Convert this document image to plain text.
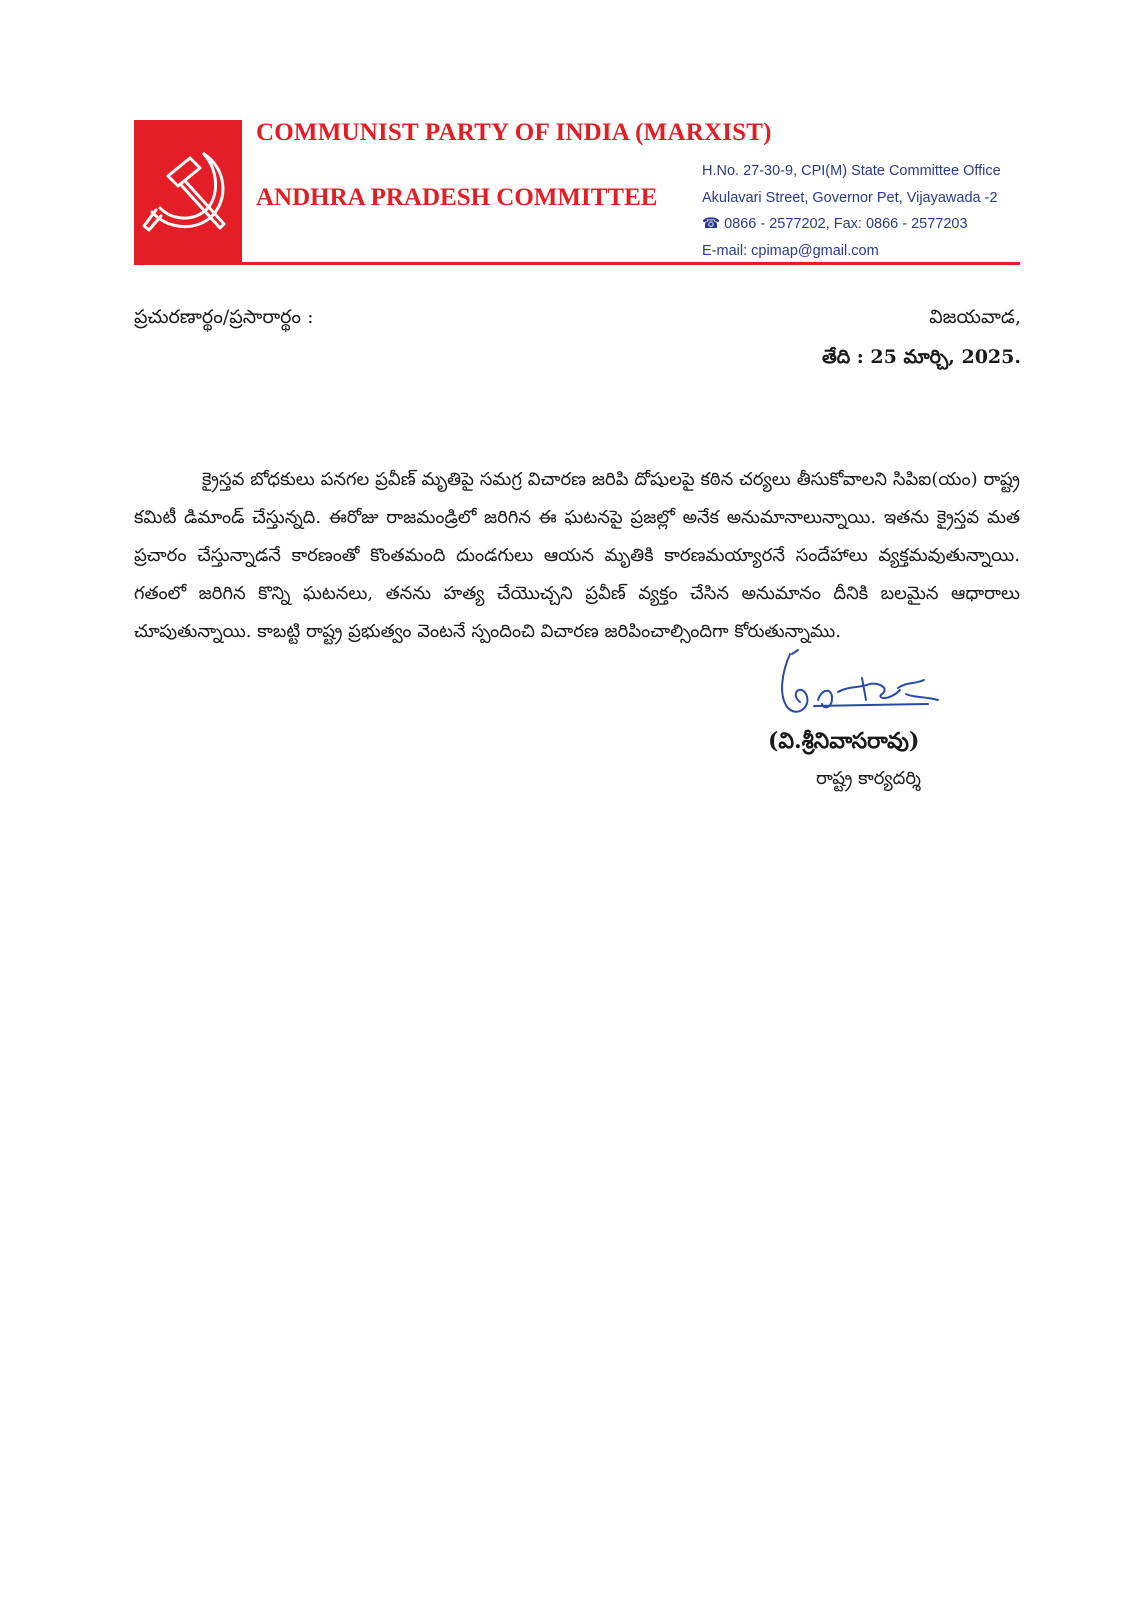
COMMUNIST PARTY OF INDIA (MARXIST)
ANDHRA PRADESH COMMITTEE
H.No. 27-30-9, CPI(M) State Committee Office
Akulavari Street, Governor Pet, Vijayawada -2
☎ 0866 - 2577202, Fax: 0866 - 2577203
E-mail: cpimap@gmail.com
ప్రచురణార్థం/ప్రసారార్థం :	విజయవాడ,
తేది : 25 మార్చి, 2025.

క్రైస్తవ బోధకులు పనగల ప్రవీణ్ మృతిపై సమగ్ర విచారణ జరిపి దోషులపై కఠిన చర్యలు తీసుకోవాలని సిపిఐ(యం) రాష్ట్ర కమిటీ డిమాండ్ చేస్తున్నది. ఈరోజు రాజమండ్రిలో జరిగిన ఈ ఘటనపై ప్రజల్లో అనేక అనుమానాలున్నాయి. ఇతను క్రైస్తవ మత ప్రచారం చేస్తున్నాడనే కారణంతో కొంతమంది దుండగులు ఆయన మృతికి కారణమయ్యారనే సందేహాలు వ్యక్తమవుతున్నాయి. గతంలో జరిగిన కొన్ని ఘటనలు, తనను హత్య చేయొచ్చని ప్రవీణ్ వ్యక్తం చేసిన అనుమానం దీనికి బలమైన ఆధారాలు చూపుతున్నాయి. కాబట్టి రాష్ట్ర ప్రభుత్వం వెంటనే స్పందించి విచారణ జరిపించాల్సిందిగా కోరుతున్నాము.

(వి.శ్రీనివాసరావు)
రాష్ట్ర కార్యదర్శి
